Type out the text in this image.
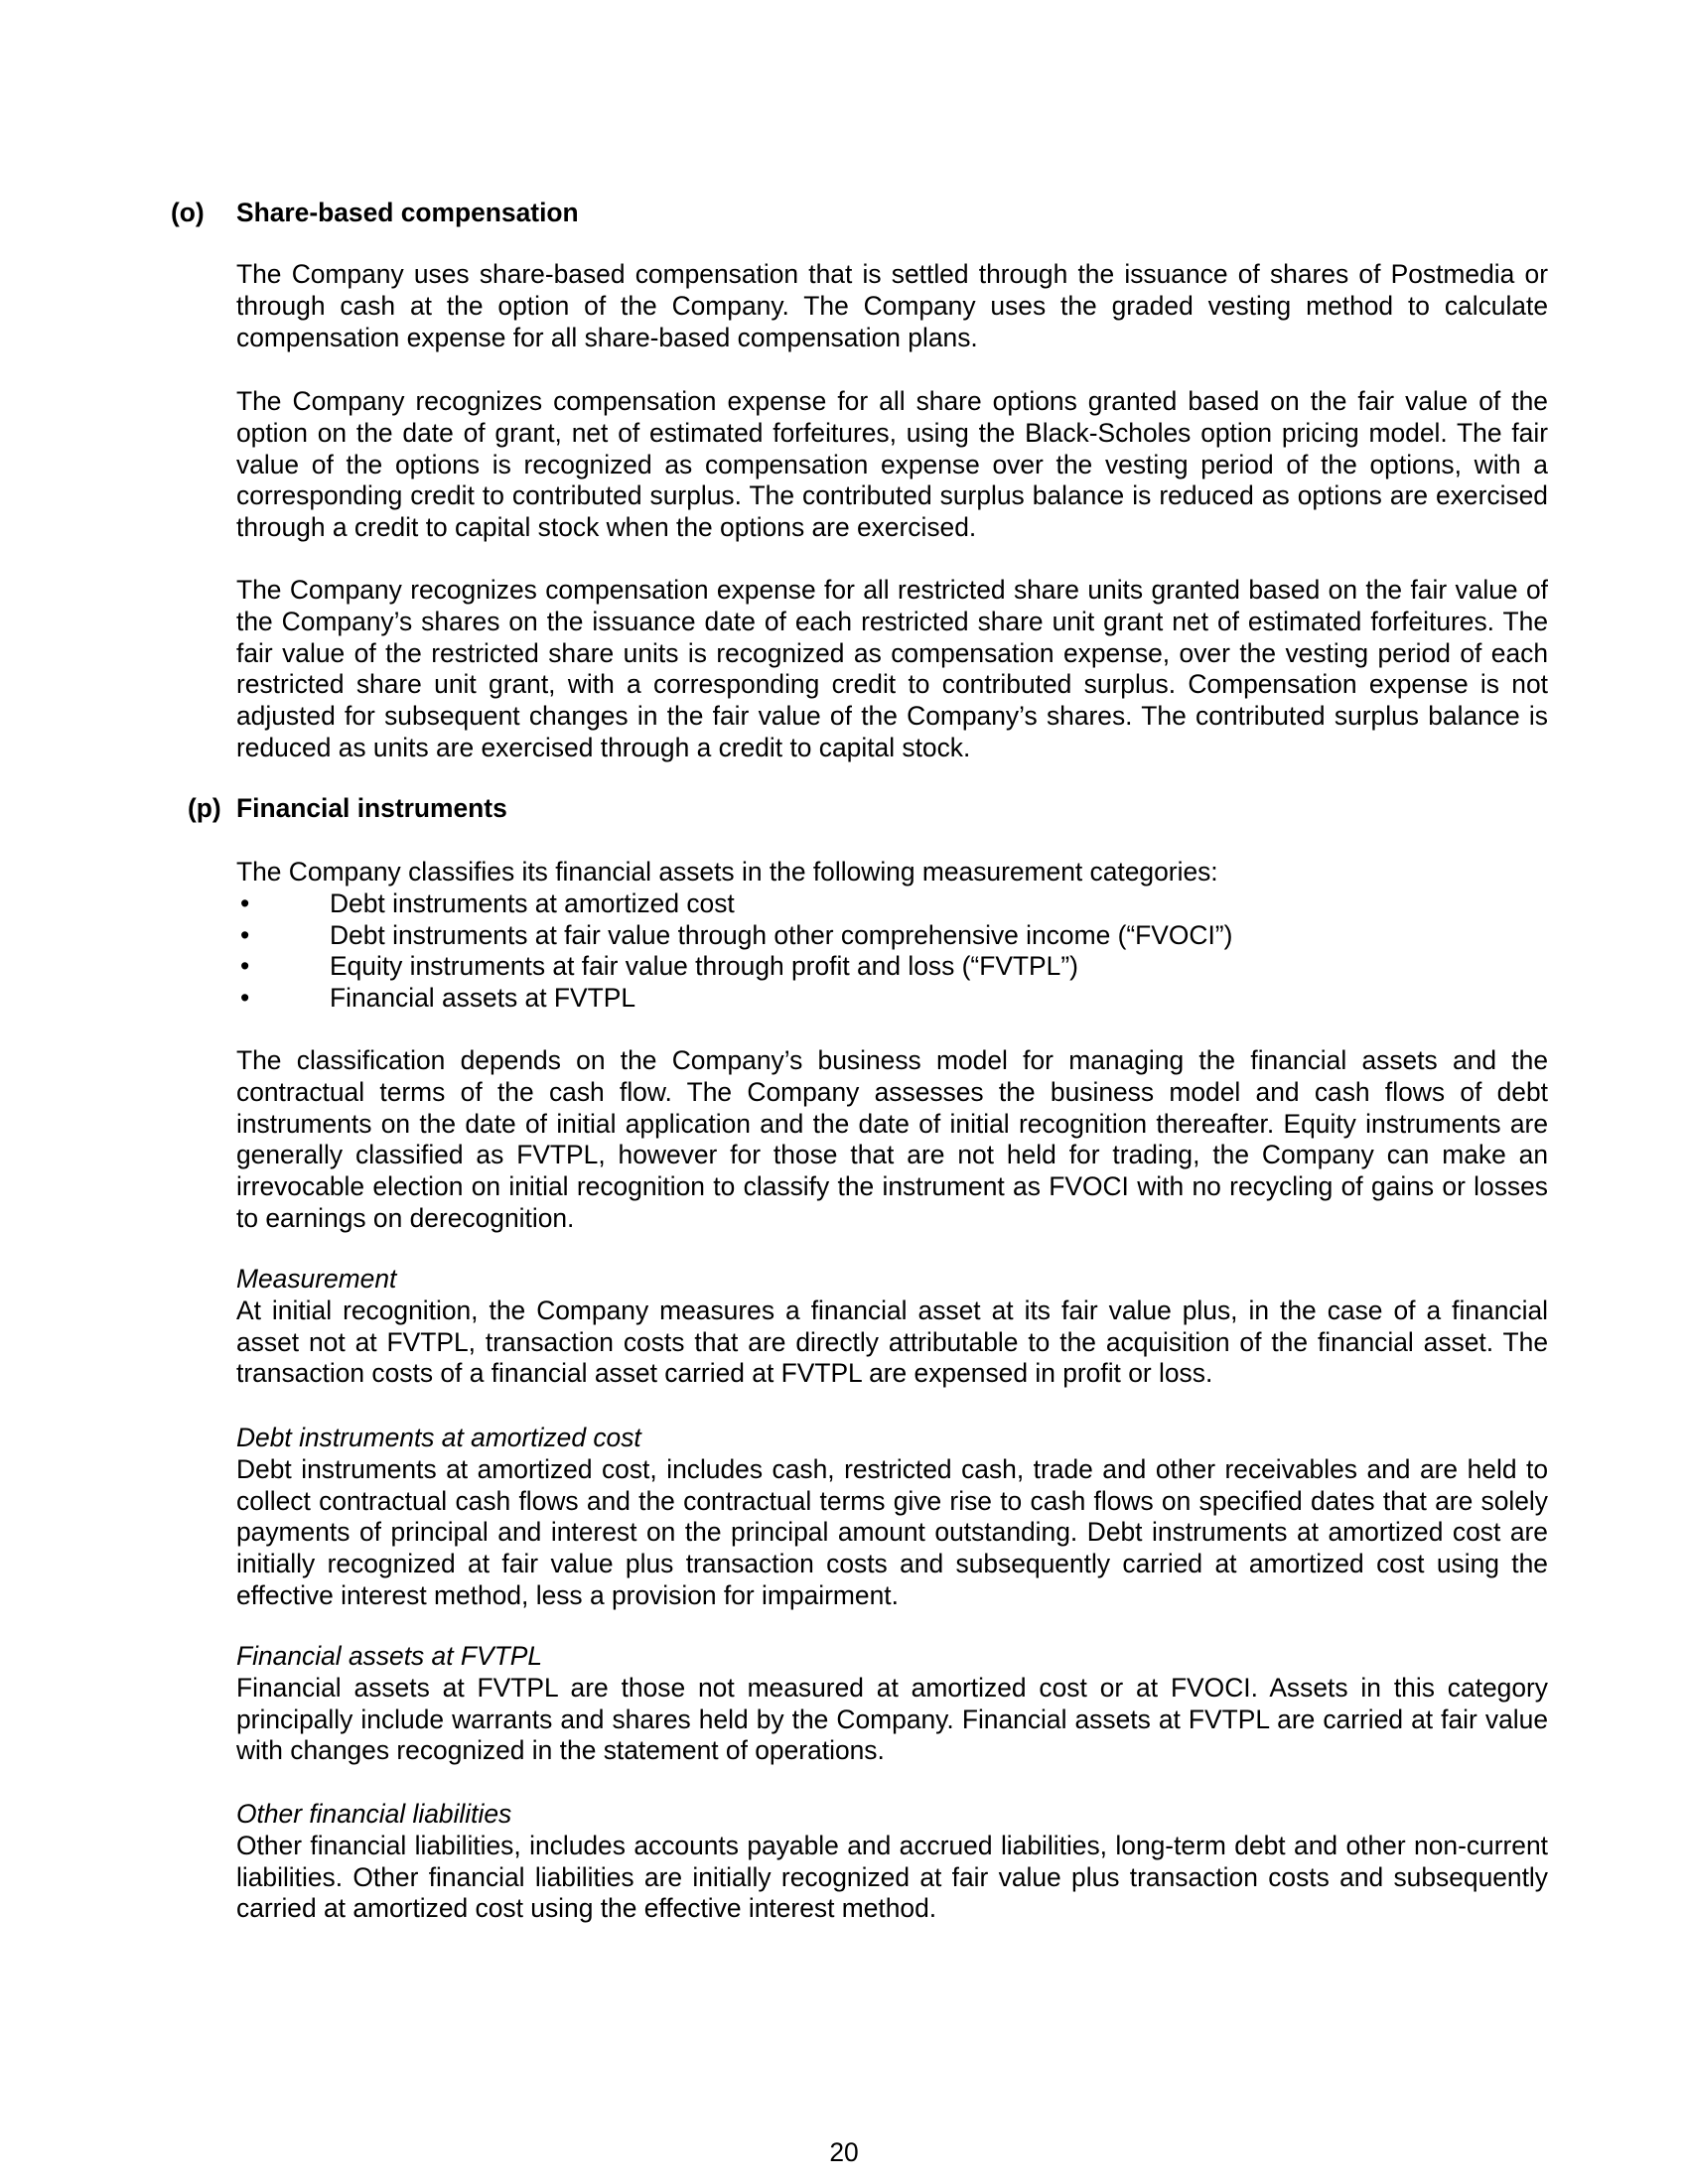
(o) Share-based compensation

The Company uses share-based compensation that is settled through the issuance of shares of Postmedia or through cash at the option of the Company. The Company uses the graded vesting method to calculate compensation expense for all share-based compensation plans.

The Company recognizes compensation expense for all share options granted based on the fair value of the option on the date of grant, net of estimated forfeitures, using the Black-Scholes option pricing model. The fair value of the options is recognized as compensation expense over the vesting period of the options, with a corresponding credit to contributed surplus. The contributed surplus balance is reduced as options are exercised through a credit to capital stock when the options are exercised.

The Company recognizes compensation expense for all restricted share units granted based on the fair value of the Company’s shares on the issuance date of each restricted share unit grant net of estimated forfeitures. The fair value of the restricted share units is recognized as compensation expense, over the vesting period of each restricted share unit grant, with a corresponding credit to contributed surplus. Compensation expense is not adjusted for subsequent changes in the fair value of the Company’s shares. The contributed surplus balance is reduced as units are exercised through a credit to capital stock.

(p) Financial instruments

The Company classifies its financial assets in the following measurement categories:

•	Debt instruments at amortized cost

•	Debt instruments at fair value through other comprehensive income (“FVOCI”)

•	Equity instruments at fair value through profit and loss (“FVTPL”)

•	Financial assets at FVTPL

The classification depends on the Company’s business model for managing the financial assets and the contractual terms of the cash flow. The Company assesses the business model and cash flows of debt instruments on the date of initial application and the date of initial recognition thereafter. Equity instruments are generally classified as FVTPL, however for those that are not held for trading, the Company can make an irrevocable election on initial recognition to classify the instrument as FVOCI with no recycling of gains or losses to earnings on derecognition.

Measurement

At initial recognition, the Company measures a financial asset at its fair value plus, in the case of a financial asset not at FVTPL, transaction costs that are directly attributable to the acquisition of the financial asset. The transaction costs of a financial asset carried at FVTPL are expensed in profit or loss.

Debt instruments at amortized cost

Debt instruments at amortized cost, includes cash, restricted cash, trade and other receivables and are held to collect contractual cash flows and the contractual terms give rise to cash flows on specified dates that are solely payments of principal and interest on the principal amount outstanding. Debt instruments at amortized cost are initially recognized at fair value plus transaction costs and subsequently carried at amortized cost using the effective interest method, less a provision for impairment.

Financial assets at FVTPL

Financial assets at FVTPL are those not measured at amortized cost or at FVOCI. Assets in this category principally include warrants and shares held by the Company. Financial assets at FVTPL are carried at fair value with changes recognized in the statement of operations.

Other financial liabilities

Other financial liabilities, includes accounts payable and accrued liabilities, long-term debt and other non-current liabilities. Other financial liabilities are initially recognized at fair value plus transaction costs and subsequently carried at amortized cost using the effective interest method.

20
